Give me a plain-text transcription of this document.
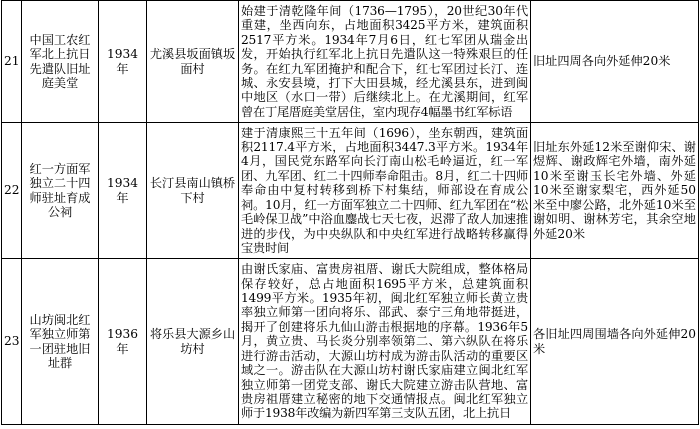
21	中国工农红军北上抗日先遣队旧址庭美堂	1934年	尤溪县坂面镇坂面村	始建于清乾隆年间（1736—1795），20世纪30年代重建，坐西向东，占地面积3425平方米，建筑面积2517平方米。1934年7月6日，红七军团从瑞金出发，开始执行红军北上抗日先遣队这一特殊艰巨的任务。在红九军团掩护和配合下，红七军团过长汀、连城、永安县境，打下大田县城，经尤溪县东，进到闽中地区（水口一带）后继续北上。在尤溪期间，红军曾在丁尾厝庭美堂居住，室内现存4幅墨书红军标语	旧址四周各向外延伸20米
22	红一方面军独立二十四师驻址育成公祠	1934年	长汀县南山镇桥下村	建于清康熙三十五年间（1696），坐东朝西，建筑面积2117.4平方米，占地面积3447.3平方米。1934年4月，国民党东路军向长汀南山松毛岭逼近，红一军团、九军团、红二十四师奉命阻击。8月，红二十四师奉命由中复村转移到桥下村集结，师部设在育成公祠。10月，红一方面军独立二十四师、红九军团在“松毛岭保卫战”中浴血鏖战七天七夜，迟滞了敌人加速推进的步伐，为中央纵队和中央红军进行战略转移赢得宝贵时间	旧址东外延12米至谢仰宋、谢煜辉、谢政辉宅外墙，南外延10米至谢玉长宅外墙、外延10米至谢家梨宅，西外延50米至中廖公路，北外延10米至谢如明、谢林芳宅，其余空地外延20米
23	山坊闽北红军独立师第一团驻地旧址群	1936年	将乐县大源乡山坊村	由谢氏家庙、富贵房祖厝、谢氏大院组成，整体格局保存较好，总占地面积1695平方米，总建筑面积1499平方米。1935年初，闽北红军独立师长黄立贵率独立师第一团向将乐、邵武、泰宁三角地带挺进，揭开了创建将乐九仙山游击根据地的序幕。1936年5月，黄立贵、马长炎分别率领第二、第六纵队在将乐进行游击活动，大源山坊村成为游击队活动的重要区域之一。游击队在大源山坊村谢氏家庙建立闽北红军独立师第一团党支部、谢氏大院建立游击队营地、富贵房祖厝建立秘密的地下交通情报点。闽北红军独立师于1938年改编为新四军第三支队五团，北上抗日	各旧址四周围墙各向外延伸20米
